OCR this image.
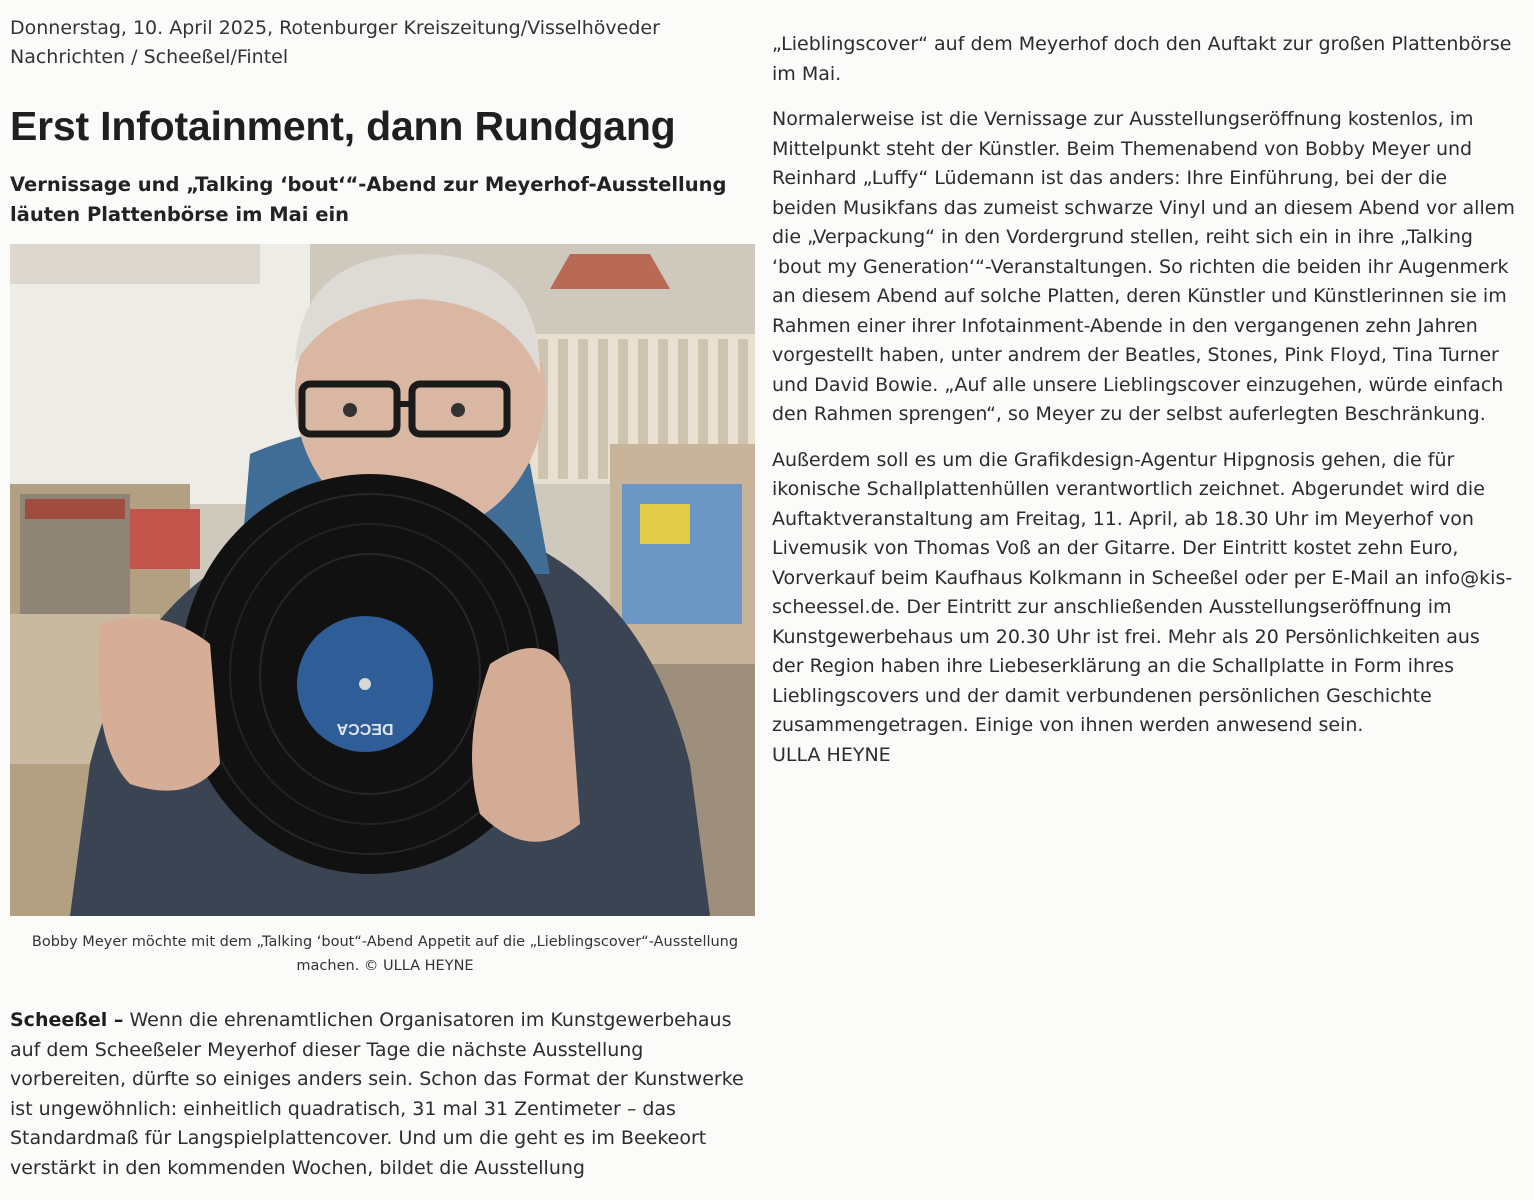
Donnerstag, 10. April 2025, Rotenburger Kreiszeitung/Visselhöveder Nachrichten / Scheeßel/Fintel

Erst Infotainment, dann Rundgang
Vernissage und „Talking ‘bout‘“-Abend zur Meyerhof-Ausstellung läuten Plattenbörse im Mai ein
DECCA

Bobby Meyer möchte mit dem „Talking ‘bout“-Abend Appetit auf die „Lieblingscover“-Ausstellung machen. © ULLA HEYNE

Scheeßel – Wenn die ehrenamtlichen Organisatoren im Kunstgewerbehaus auf dem Scheeßeler Meyerhof dieser Tage die nächste Ausstellung vorbereiten, dürfte so einiges anders sein. Schon das Format der Kunstwerke ist ungewöhnlich: einheitlich quadratisch, 31 mal 31 Zentimeter – das Standardmaß für Langspielplattencover. Und um die geht es im Beekeort verstärkt in den kommenden Wochen, bildet die Ausstellung

„Lieblingscover“ auf dem Meyerhof doch den Auftakt zur großen Plattenbörse im Mai.

Normalerweise ist die Vernissage zur Ausstellungseröffnung kostenlos, im Mittelpunkt steht der Künstler. Beim Themenabend von Bobby Meyer und Reinhard „Luffy“ Lüdemann ist das anders: Ihre Einführung, bei der die beiden Musikfans das zumeist schwarze Vinyl und an diesem Abend vor allem die „Verpackung“ in den Vordergrund stellen, reiht sich ein in ihre „Talking ‘bout my Generation‘“-Veranstaltungen. So richten die beiden ihr Augenmerk an diesem Abend auf solche Platten, deren Künstler und Künstlerinnen sie im Rahmen einer ihrer Infotainment-Abende in den vergangenen zehn Jahren vorgestellt haben, unter andrem der Beatles, Stones, Pink Floyd, Tina Turner und David Bowie. „Auf alle unsere Lieblingscover einzugehen, würde einfach den Rahmen sprengen“, so Meyer zu der selbst auferlegten Beschränkung.

Außerdem soll es um die Grafikdesign-Agentur Hipgnosis gehen, die für ikonische Schallplattenhüllen verantwortlich zeichnet. Abgerundet wird die Auftaktveranstaltung am Freitag, 11. April, ab 18.30 Uhr im Meyerhof von Livemusik von Thomas Voß an der Gitarre. Der Eintritt kostet zehn Euro, Vorverkauf beim Kaufhaus Kolkmann in Scheeßel oder per E-Mail an info@kis-scheessel.de. Der Eintritt zur anschließenden Ausstellungseröffnung im Kunstgewerbehaus um 20.30 Uhr ist frei. Mehr als 20 Persönlichkeiten aus der Region haben ihre Liebeserklärung an die Schallplatte in Form ihres Lieblingscovers und der damit verbundenen persönlichen Geschichte zusammengetragen. Einige von ihnen werden anwesend sein.

ULLA HEYNE
